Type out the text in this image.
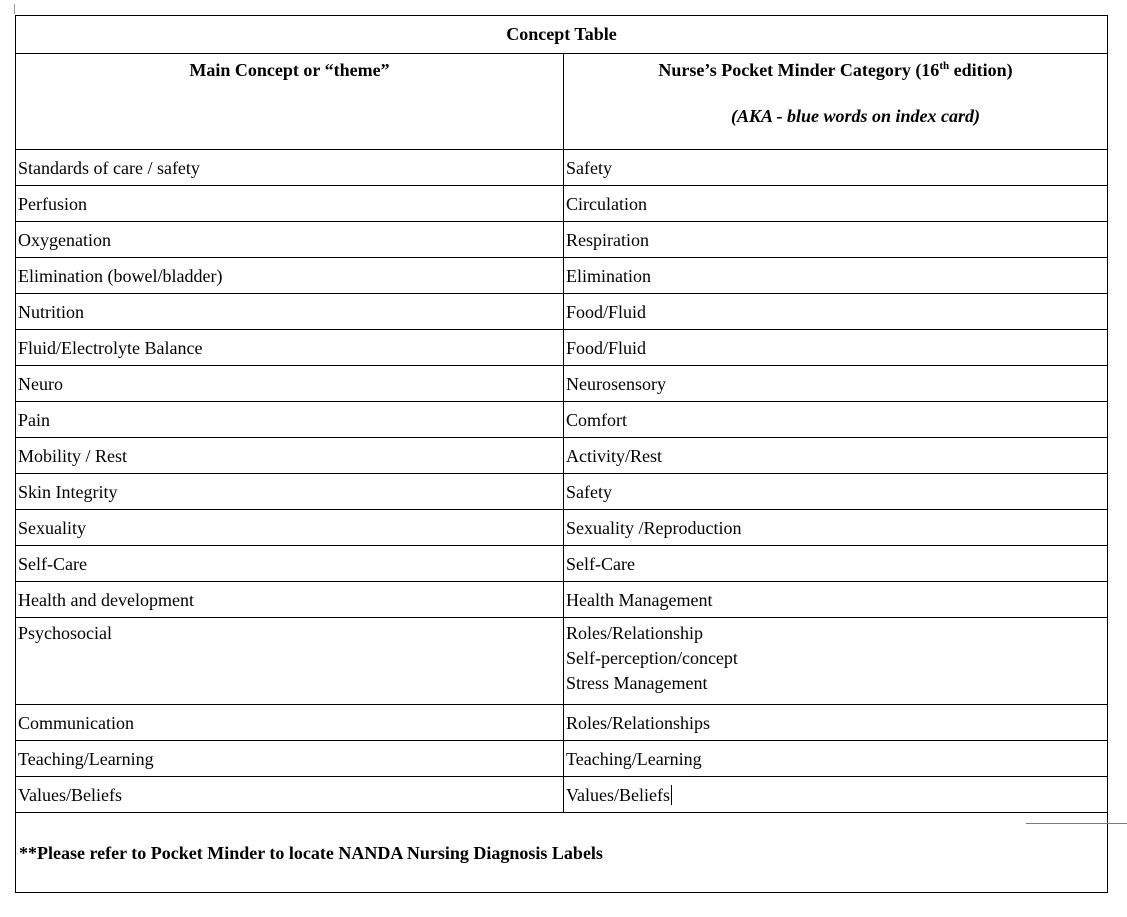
Concept Table	
Main Concept or “theme”	Nurse’s Pocket Minder Category (16th edition)
(AKA - blue words on index card)

Standards of care / safety	Safety
Perfusion	Circulation
Oxygenation	Respiration
Elimination (bowel/bladder)	Elimination
Nutrition	Food/Fluid
Fluid/Electrolyte Balance	Food/Fluid
Neuro	Neurosensory
Pain	Comfort
Mobility / Rest	Activity/Rest
Skin Integrity	Safety
Sexuality	Sexuality /Reproduction
Self-Care	Self-Care
Health and development	Health Management
Psychosocial	Roles/Relationship
Self-perception/concept
Stress Management

Communication	Roles/Relationships
Teaching/Learning	Teaching/Learning
Values/Beliefs	Values/Beliefs
**Please refer to Pocket Minder to locate NANDA Nursing Diagnosis Labels	
